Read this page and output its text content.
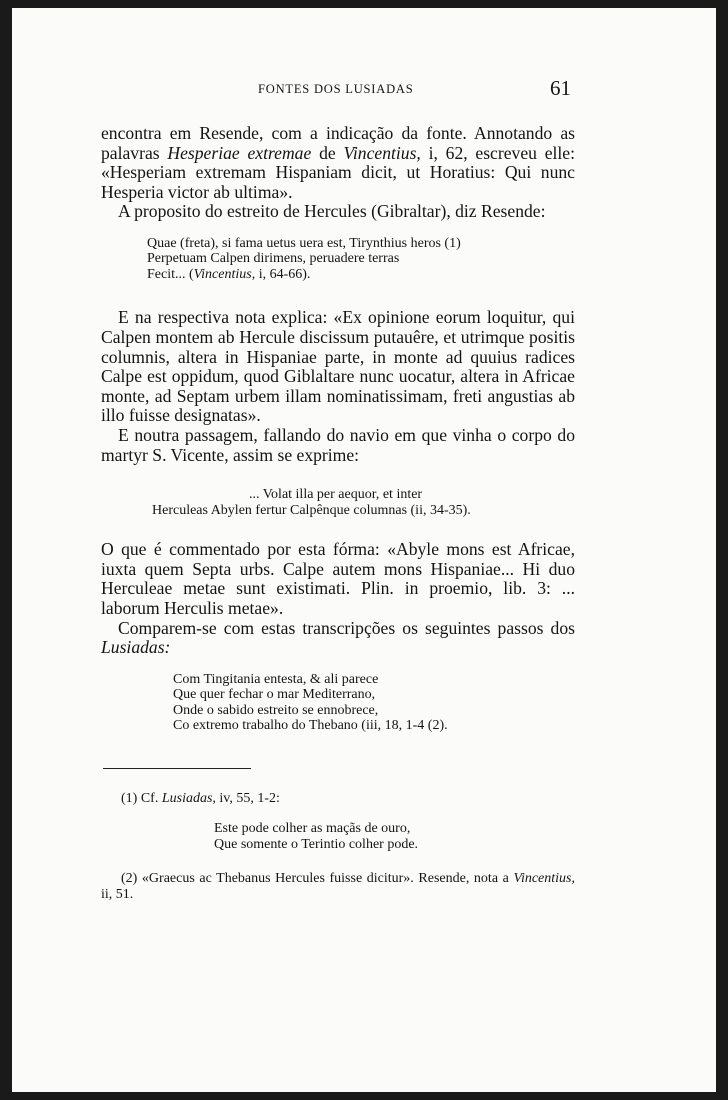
FONTES DOS LUSIADAS	61

encontra em Resende, com a indicação da fonte. Annotando as palavras Hesperiae extremae de Vincentius, i, 62, escreveu elle: «Hesperiam extremam Hispaniam dicit, ut Horatius: Qui nunc Hesperia victor ab ultima».

A proposito do estreito de Hercules (Gibraltar), diz Resende:

Quae (freta), si fama uetus uera est, Tirynthius heros (1)
Perpetuam Calpen dirimens, peruadere terras
Fecit... (Vincentius, i, 64-66).

E na respectiva nota explica: «Ex opinione eorum loquitur, qui Calpen montem ab Hercule discissum putauêre, et utrimque positis columnis, altera in Hispaniae parte, in monte ad quuius radices Calpe est oppidum, quod Giblaltare nunc uocatur, altera in Africae monte, ad Septam urbem illam nominatissimam, freti angustias ab illo fuisse designatas».

E noutra passagem, fallando do navio em que vinha o corpo do martyr S. Vicente, assim se exprime:

... Volat illa per aequor, et inter
Herculeas Abylen fertur Calpênque columnas (ii, 34-35).

O que é commentado por esta fórma: «Abyle mons est Africae, iuxta quem Septa urbs. Calpe autem mons Hispaniae... Hi duo Herculeae metae sunt existimati. Plin. in proemio, lib. 3: ... laborum Herculis metae».

Comparem-se com estas transcripções os seguintes passos dos Lusiadas:

Com Tingitania entesta, & ali parece
Que quer fechar o mar Mediterrano,
Onde o sabido estreito se ennobrece,
Co extremo trabalho do Thebano (iii, 18, 1-4 (2).
(1) Cf. Lusiadas, iv, 55, 1-2:
Este pode colher as maçãs de ouro,
Que somente o Terintio colher pode.

(2) «Graecus ac Thebanus Hercules fuisse dicitur». Resende, nota a Vincentius, ii, 51.
